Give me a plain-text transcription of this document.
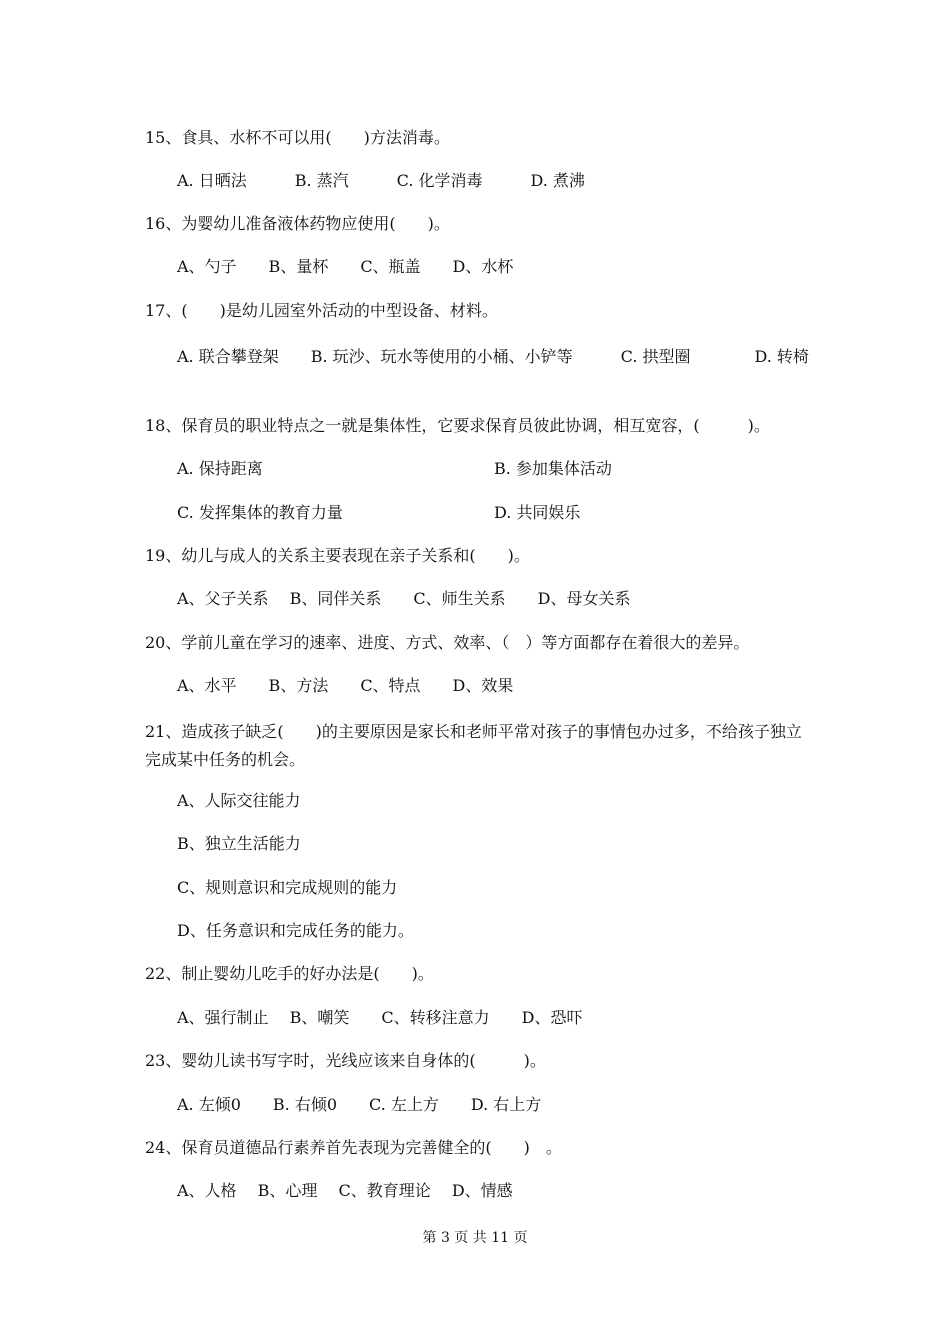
15、食具、水杯不可以用(　　)方法消毒。
A. 日晒法　　　B. 蒸汽　　　C. 化学消毒　　　D. 煮沸
16、为婴幼儿准备液体药物应使用(　　)。
A、勺子　　B、量杯　　C、瓶盖　　D、水杯
17、(　　)是幼儿园室外活动的中型设备、材料。
A. 联合攀登架　　B. 玩沙、玩水等使用的小桶、小铲等　　　C. 拱型圈　　　　D. 转椅
18、保育员的职业特点之一就是集体性，它要求保育员彼此协调，相互宽容，(　　　)。
A. 保持距离	B. 参加集体活动
C. 发挥集体的教育力量	D. 共同娱乐
19、幼儿与成人的关系主要表现在亲子关系和(　　)。
A、父子关系　 B、同伴关系　　C、师生关系　　D、母女关系
20、学前儿童在学习的速率、进度、方式、效率、（　）等方面都存在着很大的差异。
A、水平　　B、方法　　C、特点　　D、效果
21、造成孩子缺乏(　　)的主要原因是家长和老师平常对孩子的事情包办过多，不给孩子独立完成某中任务的机会。
A、人际交往能力
B、独立生活能力
C、规则意识和完成规则的能力
D、任务意识和完成任务的能力。
22、制止婴幼儿吃手的好办法是(　　)。
A、强行制止　 B、嘲笑　　C、转移注意力　　D、恐吓
23、婴幼儿读书写字时，光线应该来自身体的(　　　)。
A. 左倾0　　B. 右倾0　　C. 左上方　　D. 右上方
24、保育员道德品行素养首先表现为完善健全的(　　)　。
A、人格　 B、心理　 C、教育理论　 D、情感
第 3 页 共 11 页
